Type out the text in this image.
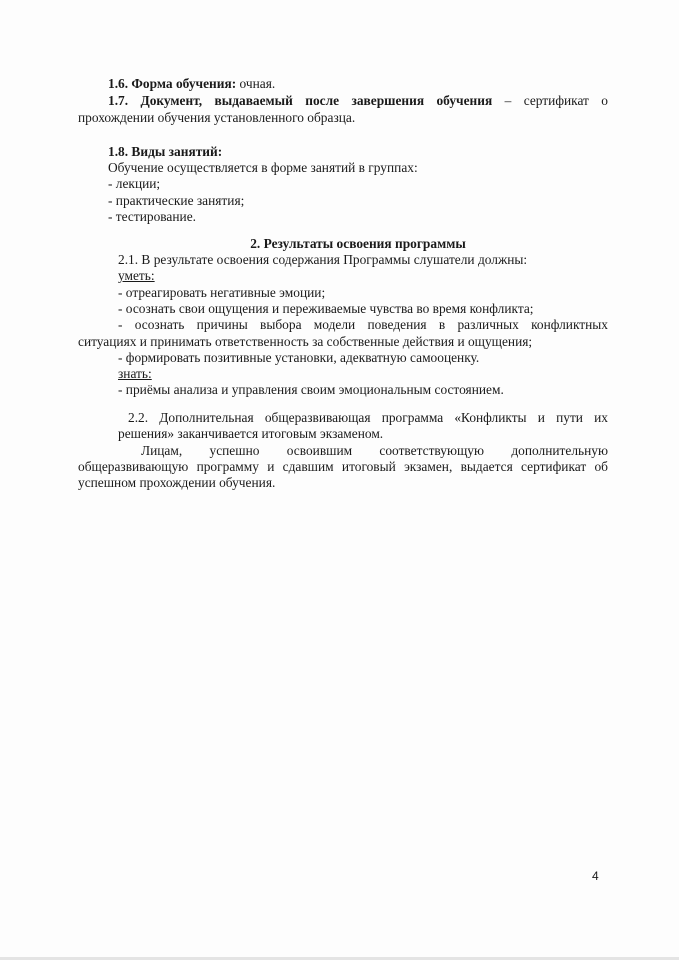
1.6. Форма обучения: очная.

1.7. Документ, выдаваемый после завершения обучения – сертификат о

прохождении обучения установленного образца.

1.8. Виды занятий:

Обучение осуществляется в форме занятий в группах:

- лекции;

- практические занятия;

- тестирование.

2. Результаты освоения программы

2.1. В результате освоения содержания Программы слушатели должны:

уметь:

- отреагировать негативные эмоции;

- осознать свои ощущения и переживаемые чувства во время конфликта;

- осознать причины выбора модели поведения в различных конфликтных

ситуациях и принимать ответственность за собственные действия и ощущения;

- формировать позитивные установки, адекватную самооценку.

знать:

- приёмы анализа и управления своим эмоциональным состоянием.

2.2. Дополнительная общеразвивающая программа «Конфликты и пути их

решения» заканчивается итоговым экзаменом.

Лицам, успешно освоившим соответствующую дополнительную

общеразвивающую программу и сдавшим итоговый экзамен, выдается сертификат об

успешном прохождении обучения.

4
